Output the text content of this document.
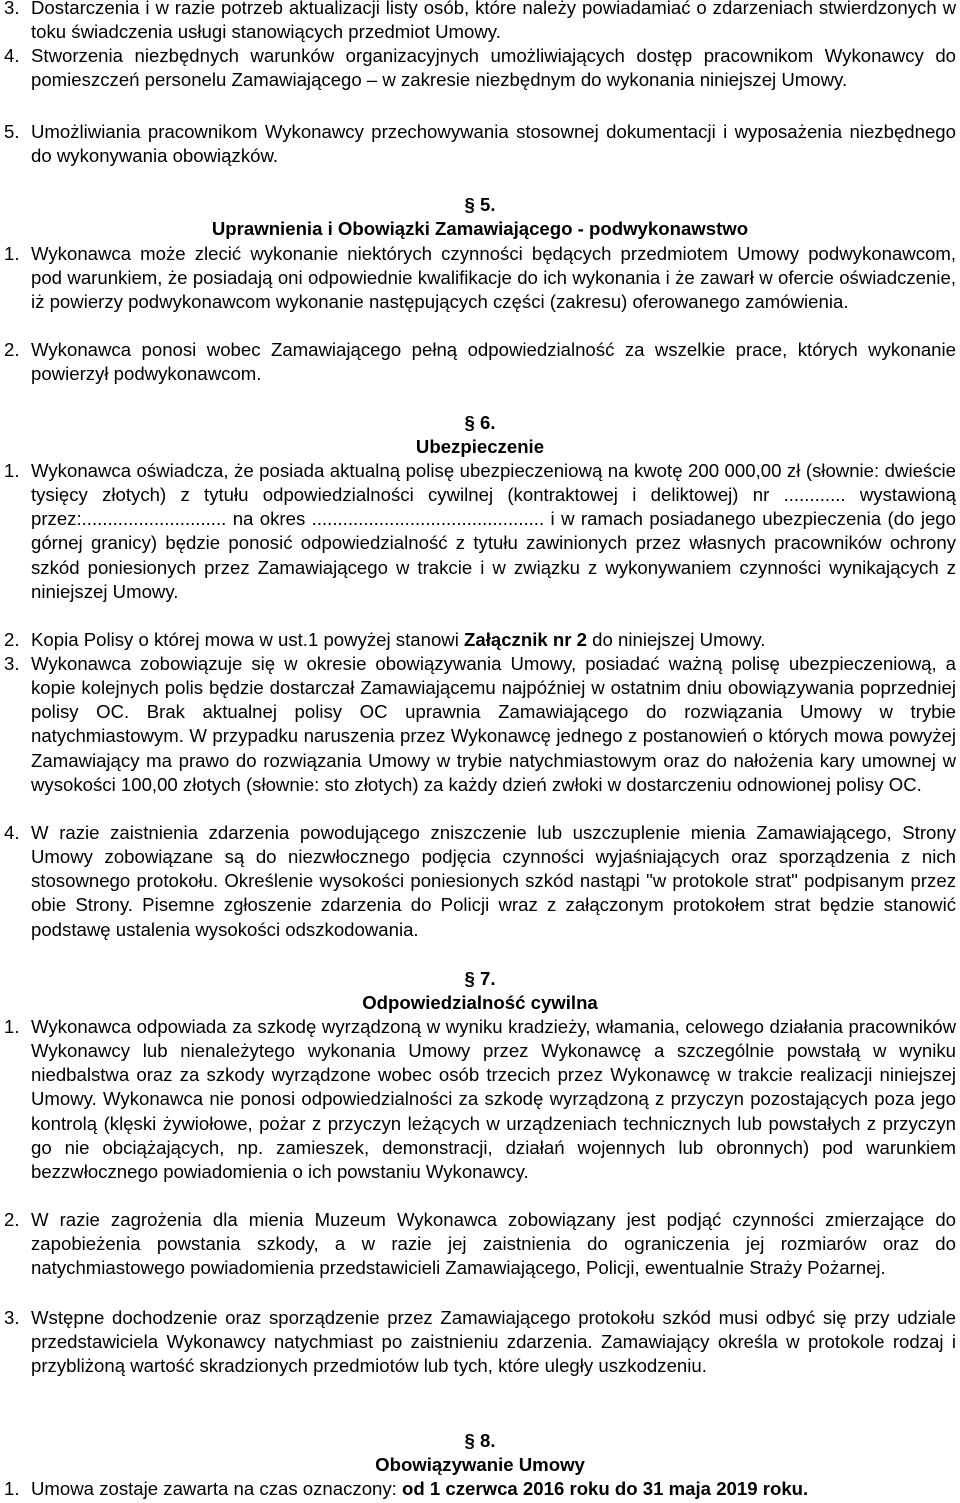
3. Dostarczenia i w razie potrzeb aktualizacji listy osób, które należy powiadamiać o zdarzeniach stwierdzonych w toku świadczenia usługi stanowiących przedmiot Umowy.
4. Stworzenia niezbędnych warunków organizacyjnych umożliwiających dostęp pracownikom Wykonawcy do pomieszczeń personelu Zamawiającego – w zakresie niezbędnym do wykonania niniejszej Umowy.
5. Umożliwiania pracownikom Wykonawcy przechowywania stosownej dokumentacji i wyposażenia niezbędnego do wykonywania obowiązków.
§ 5.
Uprawnienia i Obowiązki Zamawiającego - podwykonawstwo
1. Wykonawca może zlecić wykonanie niektórych czynności będących przedmiotem Umowy podwykonawcom, pod warunkiem, że posiadają oni odpowiednie kwalifikacje do ich wykonania i że zawarł w ofercie oświadczenie, iż powierzy podwykonawcom wykonanie następujących części (zakresu) oferowanego zamówienia.
2. Wykonawca ponosi wobec Zamawiającego pełną odpowiedzialność za wszelkie prace, których wykonanie powierzył podwykonawcom.
§ 6.
Ubezpieczenie
1. Wykonawca oświadcza, że posiada aktualną polisę ubezpieczeniową na kwotę 200 000,00 zł (słownie: dwieście tysięcy złotych) z tytułu odpowiedzialności cywilnej (kontraktowej i deliktowej) nr ............ wystawioną przez:............................ na okres ............................................. i w ramach posiadanego ubezpieczenia (do jego górnej granicy) będzie ponosić odpowiedzialność z tytułu zawinionych przez własnych pracowników ochrony szkód poniesionych przez Zamawiającego w trakcie i w związku z wykonywaniem czynności wynikających z niniejszej Umowy.
2. Kopia Polisy o której mowa w ust.1 powyżej stanowi Załącznik nr 2 do niniejszej Umowy.
3. Wykonawca zobowiązuje się w okresie obowiązywania Umowy, posiadać ważną polisę ubezpieczeniową, a kopie kolejnych polis będzie dostarczał Zamawiającemu najpóźniej w ostatnim dniu obowiązywania poprzedniej polisy OC. Brak aktualnej polisy OC uprawnia Zamawiającego do rozwiązania Umowy w trybie natychmiastowym. W przypadku naruszenia przez Wykonawcę jednego z postanowień o których mowa powyżej Zamawiający ma prawo do rozwiązania Umowy w trybie natychmiastowym oraz do nałożenia kary umownej w wysokości 100,00 złotych (słownie: sto złotych) za każdy dzień zwłoki w dostarczeniu odnowionej polisy OC.
4. W razie zaistnienia zdarzenia powodującego zniszczenie lub uszczuplenie mienia Zamawiającego, Strony Umowy zobowiązane są do niezwłocznego podjęcia czynności wyjaśniających oraz sporządzenia z nich stosownego protokołu. Określenie wysokości poniesionych szkód nastąpi "w protokole strat" podpisanym przez obie Strony. Pisemne zgłoszenie zdarzenia do Policji wraz z załączonym protokołem strat będzie stanowić podstawę ustalenia wysokości odszkodowania.
§ 7.
Odpowiedzialność cywilna
1. Wykonawca odpowiada za szkodę wyrządzoną w wyniku kradzieży, włamania, celowego działania pracowników Wykonawcy lub nienależytego wykonania Umowy przez Wykonawcę a szczególnie powstałą w wyniku niedbalstwa oraz za szkody wyrządzone wobec osób trzecich przez Wykonawcę w trakcie realizacji niniejszej Umowy. Wykonawca nie ponosi odpowiedzialności za szkodę wyrządzoną z przyczyn pozostających poza jego kontrolą (klęski żywiołowe, pożar z przyczyn leżących w urządzeniach technicznych lub powstałych z przyczyn go nie obciążających, np. zamieszek, demonstracji, działań wojennych lub obronnych) pod warunkiem bezzwłocznego powiadomienia o ich powstaniu Wykonawcy.
2. W razie zagrożenia dla mienia Muzeum Wykonawca zobowiązany jest podjąć czynności zmierzające do zapobieżenia powstania szkody, a w razie jej zaistnienia do ograniczenia jej rozmiarów oraz do natychmiastowego powiadomienia przedstawicieli Zamawiającego, Policji, ewentualnie Straży Pożarnej.
3. Wstępne dochodzenie oraz sporządzenie przez Zamawiającego protokołu szkód musi odbyć się przy udziale przedstawiciela Wykonawcy natychmiast po zaistnieniu zdarzenia. Zamawiający określa w protokole rodzaj i przybliżoną wartość skradzionych przedmiotów lub tych, które uległy uszkodzeniu.
§ 8.
Obowiązywanie Umowy
1. Umowa zostaje zawarta na czas oznaczony: od 1 czerwca 2016 roku do 31 maja 2019 roku.
